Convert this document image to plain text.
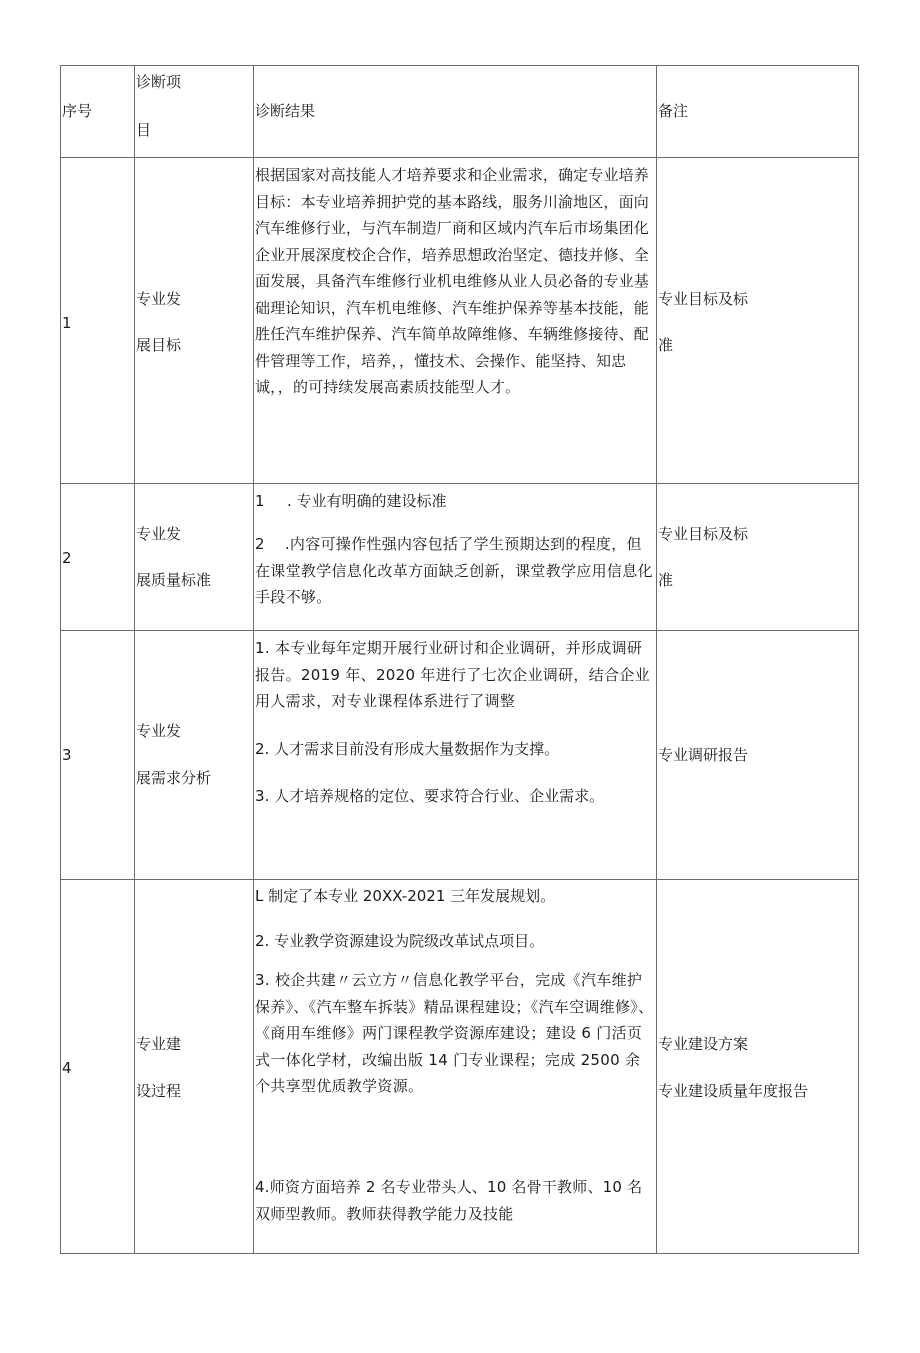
序号
诊断项
目
诊断结果	备注
1
专业发
展目标
根据国家对高技能人才培养要求和企业需求，确定专业培养目标：本专业培养拥护党的基本路线，服务川渝地区，面向汽车维修行业，与汽车制造厂商和区域内汽车后市场集团化企业开展深度校企合作，培养思想政治坚定、德技并修、全面发展，具备汽车维修行业机电维修从业人员必备的专业基础理论知识，汽车机电维修、汽车维护保养等基本技能，能胜任汽车维护保养、汽车简单故障维修、车辆维修接待、配件管理等工作，培养，，懂技术、会操作、能坚持、知忠诚，，的可持续发展高素质技能型人才。
专业目标及标
准
2
专业发
展质量标准
1 . 专业有明确的建设标准
2 .内容可操作性强内容包括了学生预期达到的程度，但在课堂教学信息化改革方面缺乏创新，课堂教学应用信息化手段不够。
专业目标及标
准
3
专业发
展需求分析
1. 本专业每年定期开展行业研讨和企业调研，并形成调研报告。2019 年、2020 年进行了七次企业调研，结合企业用人需求，对专业课程体系进行了调整
2. 人才需求目前没有形成大量数据作为支撑。
3. 人才培养规格的定位、要求符合行业、企业需求。
专业调研报告
4
专业建
设过程
L 制定了本专业 20XX-2021 三年发展规划。
2. 专业教学资源建设为院级改革试点项目。
3. 校企共建〃云立方〃信息化教学平台，完成《汽车维护保养》、《汽车整车拆装》精品课程建设；《汽车空调维修》、《商用车维修》两门课程教学资源库建设；建设 6 门活页式一体化学材，改编出版 14 门专业课程；完成 2500 余个共享型优质教学资源。
4.师资方面培养 2 名专业带头人、10 名骨干教师、10 名双师型教师。教师获得教学能力及技能
专业建设方案
专业建设质量年度报告
